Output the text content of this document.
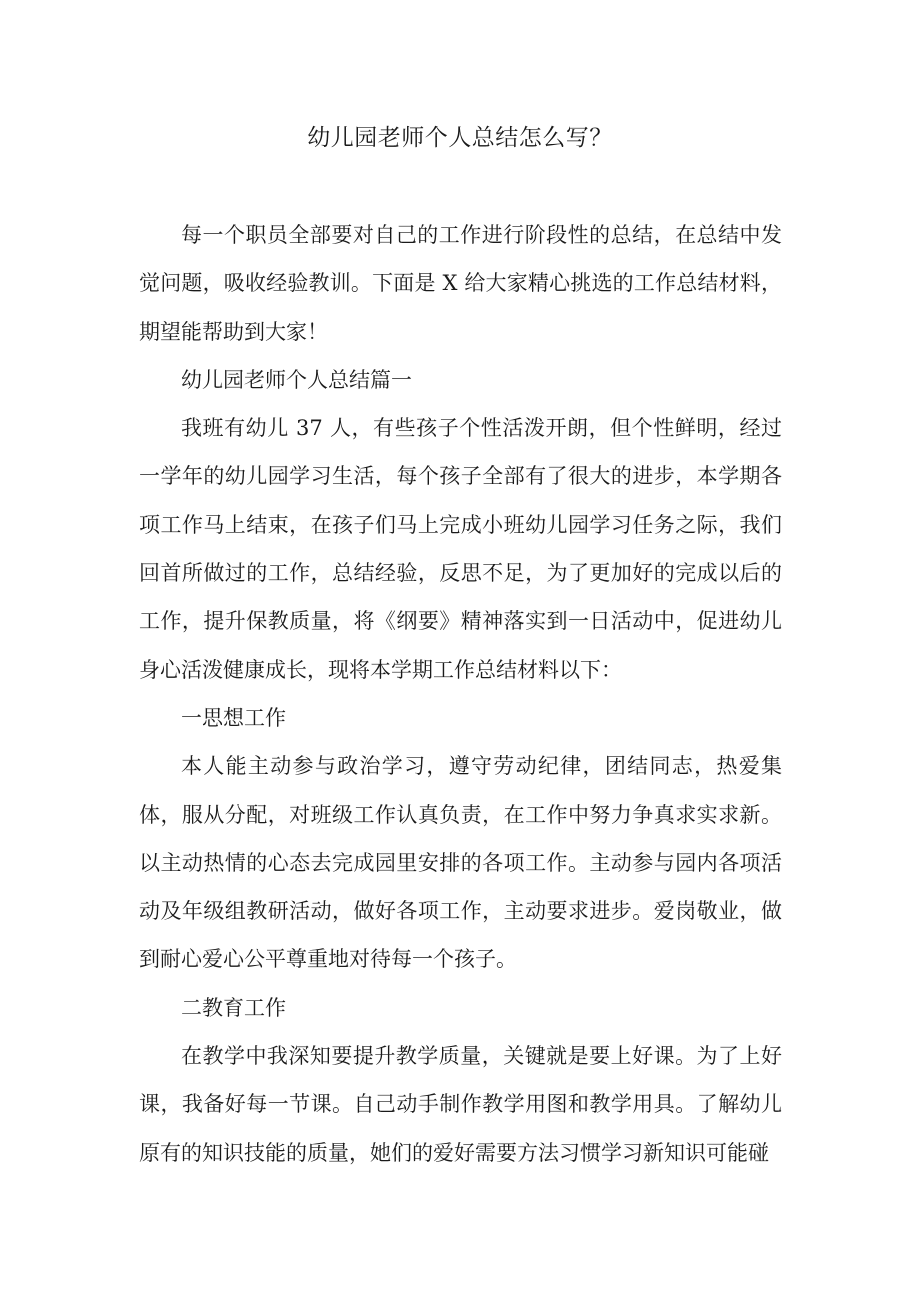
幼儿园老师个人总结怎么写？

每一个职员全部要对自己的工作进行阶段性的总结，在总结中发觉问题，吸收经验教训。下面是 X 给大家精心挑选的工作总结材料，期望能帮助到大家！

幼儿园老师个人总结篇一

我班有幼儿 37 人，有些孩子个性活泼开朗，但个性鲜明，经过一学年的幼儿园学习生活，每个孩子全部有了很大的进步，本学期各项工作马上结束，在孩子们马上完成小班幼儿园学习任务之际，我们回首所做过的工作，总结经验，反思不足，为了更加好的完成以后的工作，提升保教质量，将《纲要》精神落实到一日活动中，促进幼儿身心活泼健康成长，现将本学期工作总结材料以下：

一思想工作

本人能主动参与政治学习，遵守劳动纪律，团结同志，热爱集体，服从分配，对班级工作认真负责，在工作中努力争真求实求新。以主动热情的心态去完成园里安排的各项工作。主动参与园内各项活动及年级组教研活动，做好各项工作，主动要求进步。爱岗敬业，做到耐心爱心公平尊重地对待每一个孩子。

二教育工作

在教学中我深知要提升教学质量，关键就是要上好课。为了上好课，我备好每一节课。自己动手制作教学用图和教学用具。了解幼儿原有的知识技能的质量，她们的爱好需要方法习惯学习新知识可能碰
